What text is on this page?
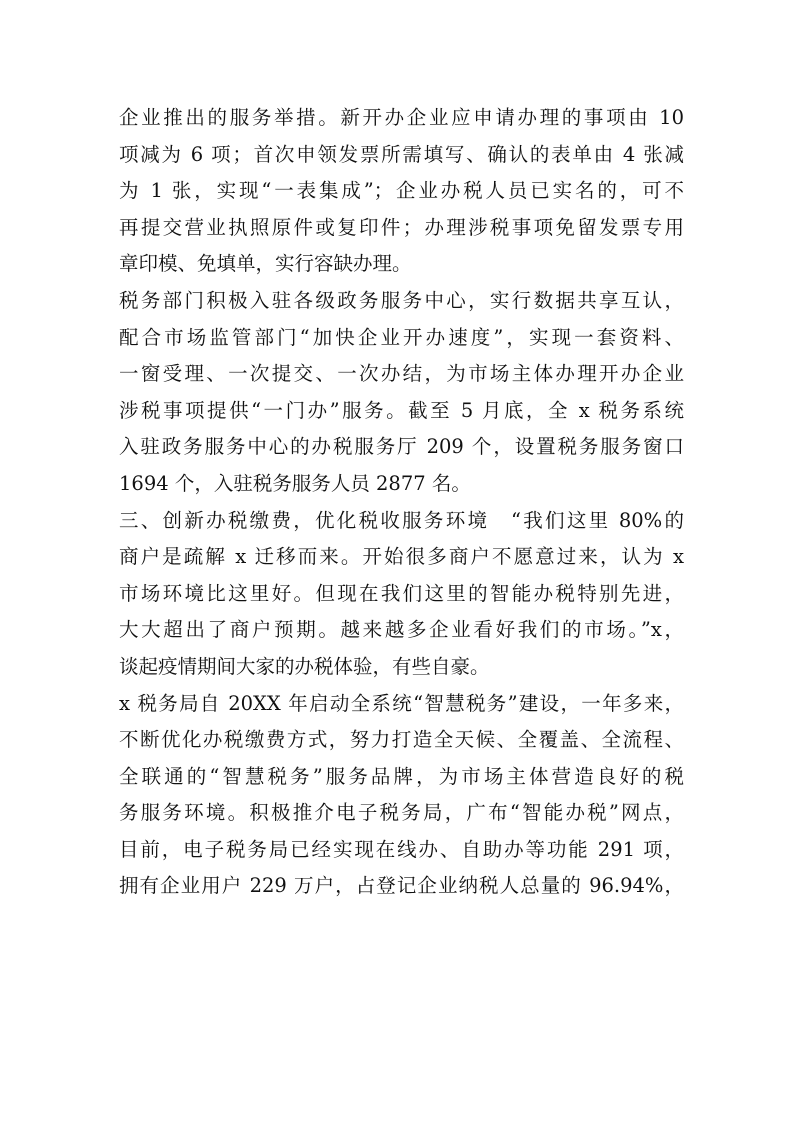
企业推出的服务举措。新开办企业应申请办理的事项由 10
项减为 6 项；首次申领发票所需填写、确认的表单由 4 张减
为 1 张，实现“一表集成”；企业办税人员已实名的，可不
再提交营业执照原件或复印件；办理涉税事项免留发票专用
章印模、免填单，实行容缺办理。
税务部门积极入驻各级政务服务中心，实行数据共享互认，
配合市场监管部门“加快企业开办速度”，实现一套资料、
一窗受理、一次提交、一次办结，为市场主体办理开办企业
涉税事项提供“一门办”服务。截至 5 月底，全 x 税务系统
入驻政务服务中心的办税服务厅 209 个，设置税务服务窗口
1694 个，入驻税务服务人员 2877 名。
三、创新办税缴费，优化税收服务环境　“我们这里 80%的
商户是疏解 x 迁移而来。开始很多商户不愿意过来，认为 x
市场环境比这里好。但现在我们这里的智能办税特别先进，
大大超出了商户预期。越来越多企业看好我们的市场。”x，
谈起疫情期间大家的办税体验，有些自豪。
x 税务局自 20XX 年启动全系统“智慧税务”建设，一年多来，
不断优化办税缴费方式，努力打造全天候、全覆盖、全流程、
全联通的“智慧税务”服务品牌，为市场主体营造良好的税
务服务环境。积极推介电子税务局，广布“智能办税”网点，
目前，电子税务局已经实现在线办、自助办等功能 291 项，
拥有企业用户 229 万户，占登记企业纳税人总量的 96.94%，
